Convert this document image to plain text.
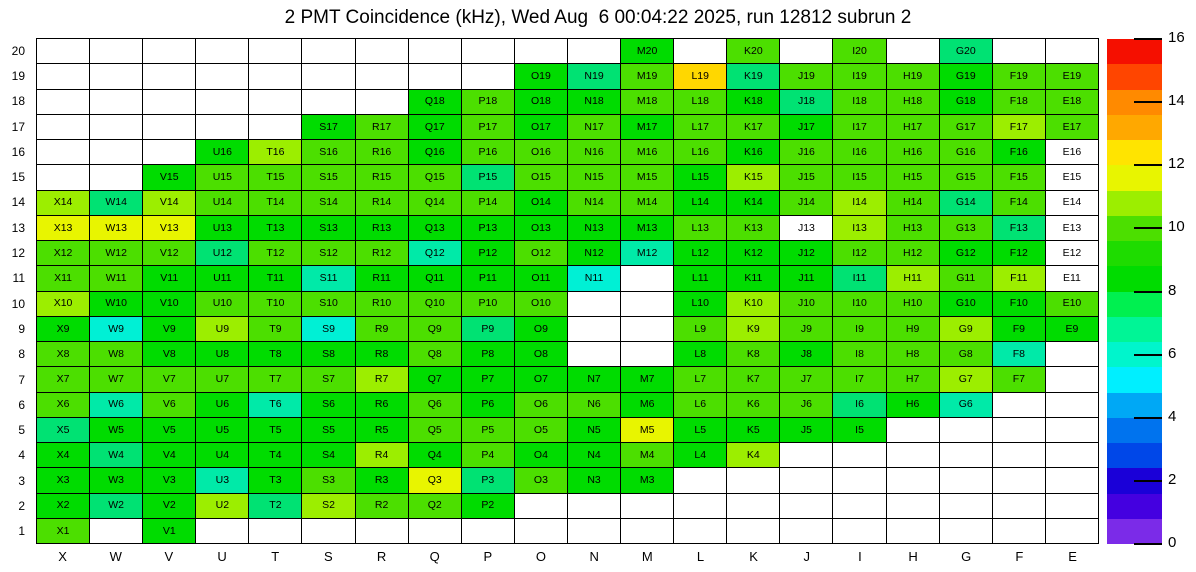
2 PMT Coincidence (kHz), Wed Aug  6 00:04:22 2025, run 12812 subrun 2
20
19
18
17
16
15
14
13
12
11
10
9
8
7
6
5
4
3
2
1
M20	K20	I20	G20
O19	N19	M19	L19	K19	J19	I19	H19	G19	F19	E19
Q18	P18	O18	N18	M18	L18	K18	J18	I18	H18	G18	F18	E18
S17	R17	Q17	P17	O17	N17	M17	L17	K17	J17	I17	H17	G17	F17	E17
U16	T16	S16	R16	Q16	P16	O16	N16	M16	L16	K16	J16	I16	H16	G16	F16	E16
V15	U15	T15	S15	R15	Q15	P15	O15	N15	M15	L15	K15	J15	I15	H15	G15	F15	E15
X14	W14	V14	U14	T14	S14	R14	Q14	P14	O14	N14	M14	L14	K14	J14	I14	H14	G14	F14	E14
X13	W13	V13	U13	T13	S13	R13	Q13	P13	O13	N13	M13	L13	K13	J13	I13	H13	G13	F13	E13
X12	W12	V12	U12	T12	S12	R12	Q12	P12	O12	N12	M12	L12	K12	J12	I12	H12	G12	F12	E12
X11	W11	V11	U11	T11	S11	R11	Q11	P11	O11	N11	L11	K11	J11	I11	H11	G11	F11	E11
X10	W10	V10	U10	T10	S10	R10	Q10	P10	O10	L10	K10	J10	I10	H10	G10	F10	E10
X9	W9	V9	U9	T9	S9	R9	Q9	P9	O9	L9	K9	J9	I9	H9	G9	F9	E9
X8	W8	V8	U8	T8	S8	R8	Q8	P8	O8	L8	K8	J8	I8	H8	G8	F8
X7	W7	V7	U7	T7	S7	R7	Q7	P7	O7	N7	M7	L7	K7	J7	I7	H7	G7	F7
X6	W6	V6	U6	T6	S6	R6	Q6	P6	O6	N6	M6	L6	K6	J6	I6	H6	G6
X5	W5	V5	U5	T5	S5	R5	Q5	P5	O5	N5	M5	L5	K5	J5	I5
X4	W4	V4	U4	T4	S4	R4	Q4	P4	O4	N4	M4	L4	K4
X3	W3	V3	U3	T3	S3	R3	Q3	P3	O3	N3	M3
X2	W2	V2	U2	T2	S2	R2	Q2	P2
X1	V1
X	W	V	U	T	S	R	Q	P	O	N	M	L	K	J	I	H	G	F	E
0
2
4
6
8
10
12
14
16
